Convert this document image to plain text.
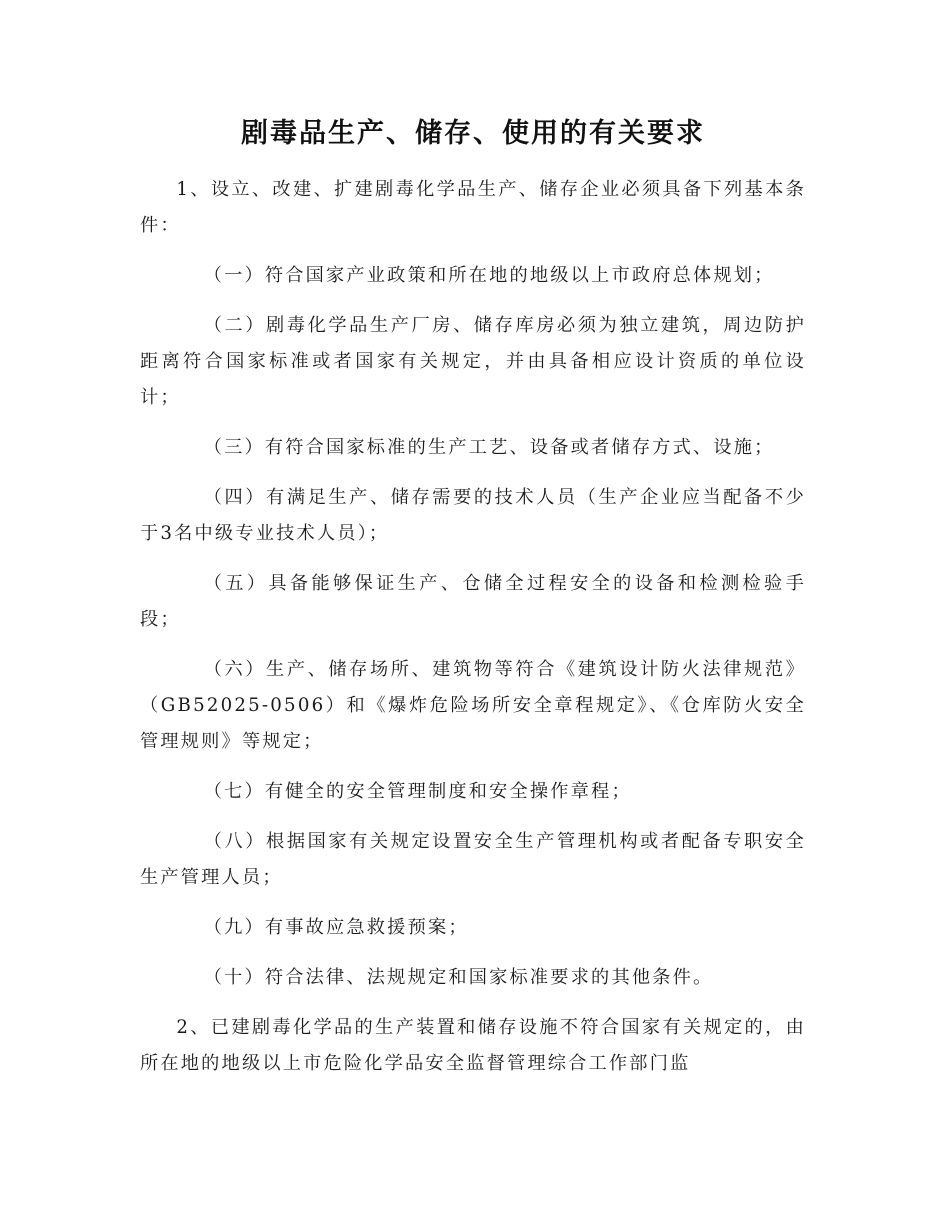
剧毒品生产、储存、使用的有关要求

1、设立、改建、扩建剧毒化学品生产、储存企业必须具备下列基本条件：

（一）符合国家产业政策和所在地的地级以上市政府总体规划；

（二）剧毒化学品生产厂房、储存库房必须为独立建筑，周边防护距离符合国家标准或者国家有关规定，并由具备相应设计资质的单位设计；

（三）有符合国家标准的生产工艺、设备或者储存方式、设施；

（四）有满足生产、储存需要的技术人员（生产企业应当配备不少于3名中级专业技术人员）；

（五）具备能够保证生产、仓储全过程安全的设备和检测检验手段；

（六）生产、储存场所、建筑物等符合《建筑设计防火法律规范》（GB52025-0506）和《爆炸危险场所安全章程规定》、《仓库防火安全管理规则》等规定；

（七）有健全的安全管理制度和安全操作章程；

（八）根据国家有关规定设置安全生产管理机构或者配备专职安全生产管理人员；

（九）有事故应急救援预案；

（十）符合法律、法规规定和国家标准要求的其他条件。

2、已建剧毒化学品的生产装置和储存设施不符合国家有关规定的，由所在地的地级以上市危险化学品安全监督管理综合工作部门监
